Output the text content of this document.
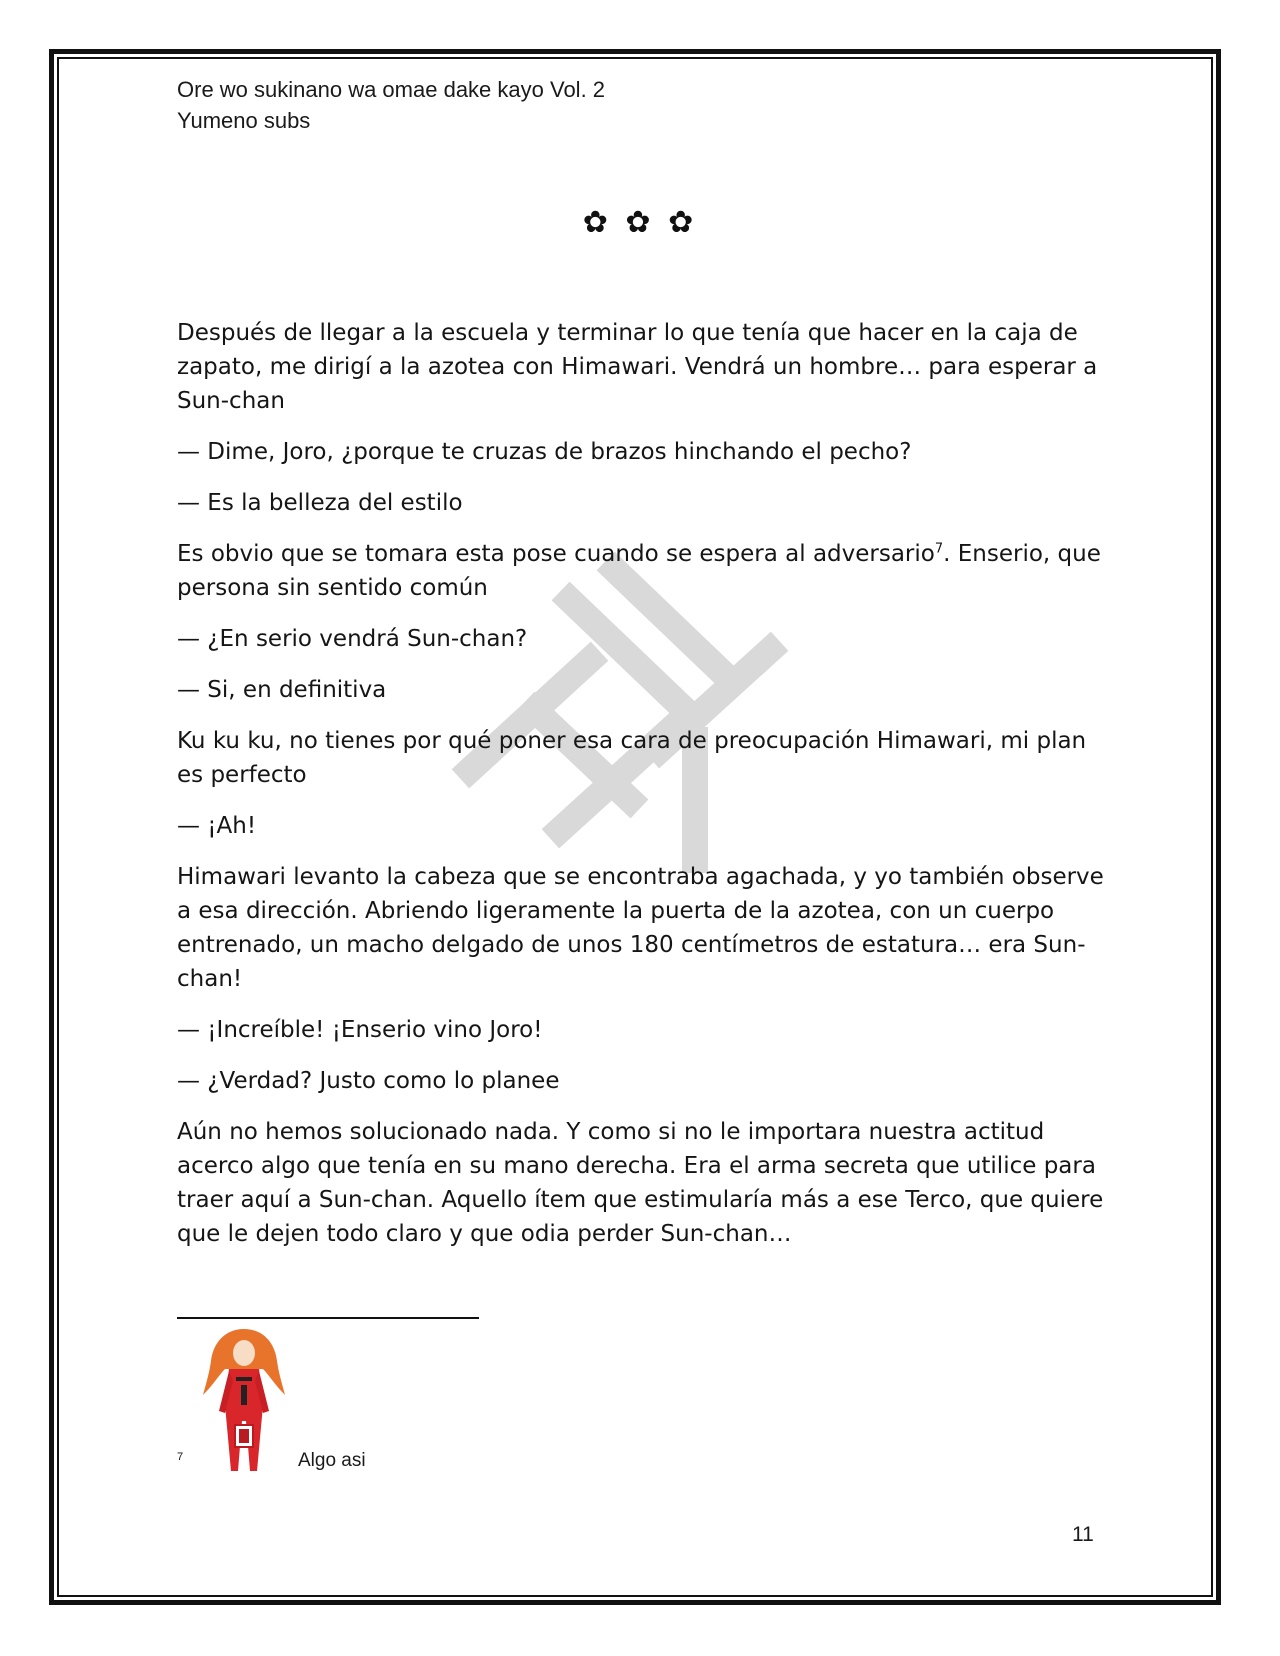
Ore wo sukinano wa omae dake kayo Vol. 2
Yumeno subs
✿ ✿ ✿

Después de llegar a la escuela y terminar lo que tenía que hacer en la caja de zapato, me dirigí a la azotea con Himawari. Vendrá un hombre… para esperar a Sun-chan

— Dime, Joro, ¿porque te cruzas de brazos hinchando el pecho?

— Es la belleza del estilo

Es obvio que se tomara esta pose cuando se espera al adversario$^7$. Enserio, que persona sin sentido común

— ¿En serio vendrá Sun-chan?

— Si, en definitiva

Ku ku ku, no tienes por qué poner esa cara de preocupación Himawari, mi plan es perfecto

— ¡Ah!

Himawari levanto la cabeza que se encontraba agachada, y yo también observe a esa dirección. Abriendo ligeramente la puerta de la azotea, con un cuerpo entrenado, un macho delgado de unos 180 centímetros de estatura… era Sun-chan!

— ¡Increíble! ¡Enserio vino Joro!

— ¿Verdad? Justo como lo planee

Aún no hemos solucionado nada. Y como si no le importara nuestra actitud acerco algo que tenía en su mano derecha. Era el arma secreta que utilice para traer aquí a Sun-chan. Aquello ítem que estimularía más a ese Terco, que quiere que le dejen todo claro y que odia perder Sun-chan…

7	Algo asi
11
